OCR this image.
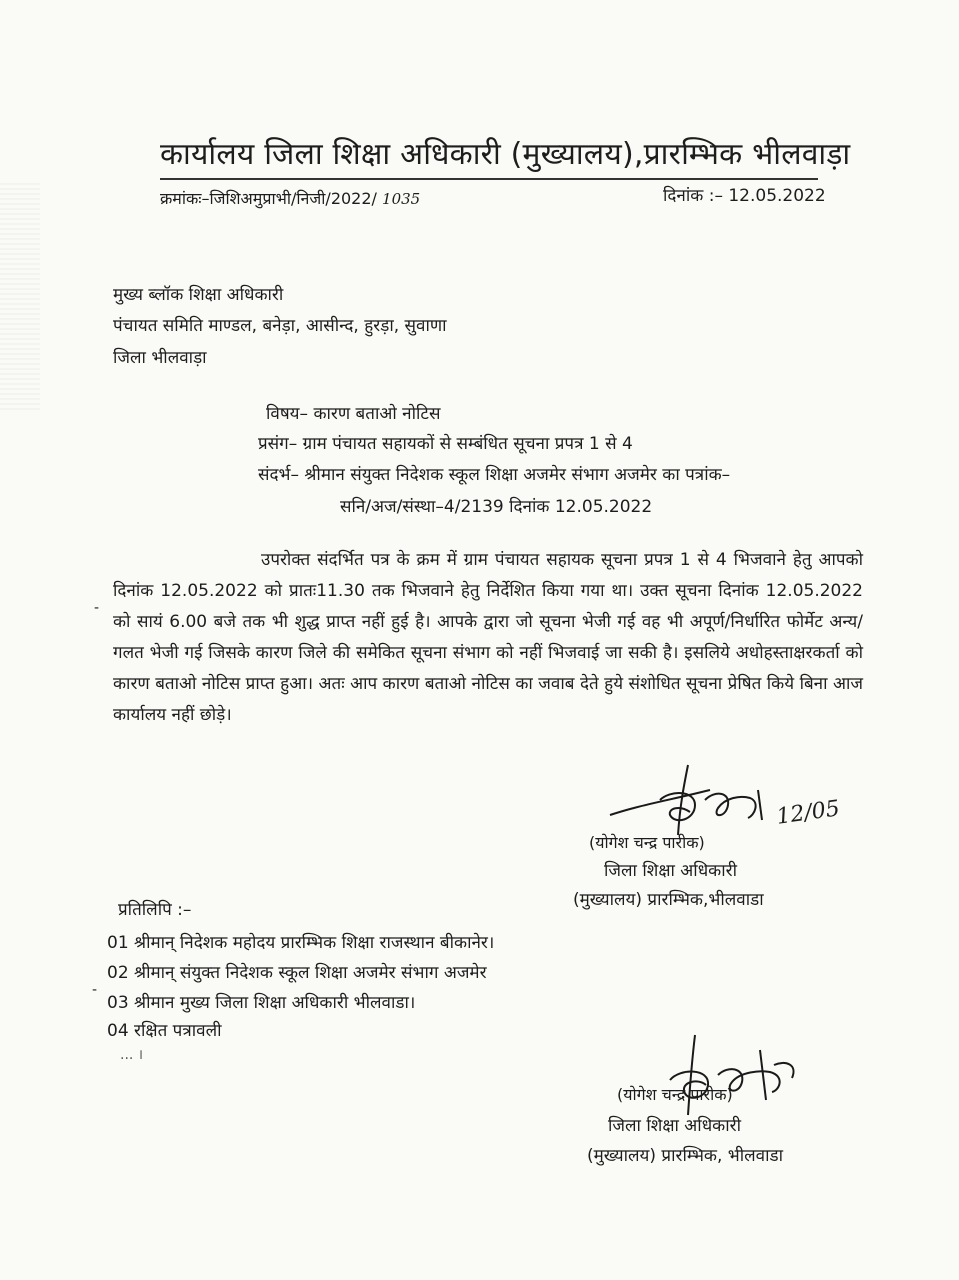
कार्यालय जिला शिक्षा अधिकारी (मुख्यालय),प्रारम्भिक भीलवाड़ा
क्रमांकः–जिशिअमुप्राभी/निजी/2022/ 1035	दिनांक :– 12.05.2022
मुख्य ब्लॉक शिक्षा अधिकारी
पंचायत समिति माण्डल, बनेड़ा, आसीन्द, हुरड़ा, सुवाणा
जिला भीलवाड़ा
विषय– कारण बताओ नोटिस
प्रसंग– ग्राम पंचायत सहायकों से सम्बंधित सूचना प्रपत्र 1 से 4
संदर्भ– श्रीमान संयुक्त निदेशक स्कूल शिक्षा अजमेर संभाग अजमेर का पत्रांक–
सनि/अज/संस्था–4/2139 दिनांक 12.05.2022
-
उपरोक्त संदर्भित पत्र के क्रम में ग्राम पंचायत सहायक सूचना प्रपत्र 1 से 4 भिजवाने हेतु आपको दिनांक 12.05.2022 को प्रातः11.30 तक भिजवाने हेतु निर्देशित किया गया था। उक्त सूचना दिनांक 12.05.2022 को सायं 6.00 बजे तक भी शुद्ध प्राप्त नहीं हुई है। आपके द्वारा जो सूचना भेजी गई वह भी अपूर्ण/निर्धारित फोर्मेट अन्य/गलत भेजी गई जिसके कारण जिले की समेकित सूचना संभाग को नहीं भिजवाई जा सकी है। इसलिये अधोहस्ताक्षरकर्ता को कारण बताओ नोटिस प्राप्त हुआ। अतः आप कारण बताओ नोटिस का जवाब देते हुये संशोधित सूचना प्रेषित किये बिना आज कार्यालय नहीं छोड़े।
12/05
(योगेश चन्द्र पारीक)
जिला शिक्षा अधिकारी
(मुख्यालय) प्रारम्भिक,भीलवाडा
प्रतिलिपि :–
01 श्रीमान् निदेशक महोदय प्रारम्भिक शिक्षा राजस्थान बीकानेर।
02 श्रीमान् संयुक्त निदेशक स्कूल शिक्षा अजमेर संभाग अजमेर
-
03 श्रीमान मुख्य जिला शिक्षा अधिकारी भीलवाडा।
04 रक्षित पत्रावली
... ।
(योगेश चन्द्र पारीक)
जिला शिक्षा अधिकारी
(मुख्यालय) प्रारम्भिक, भीलवाडा
